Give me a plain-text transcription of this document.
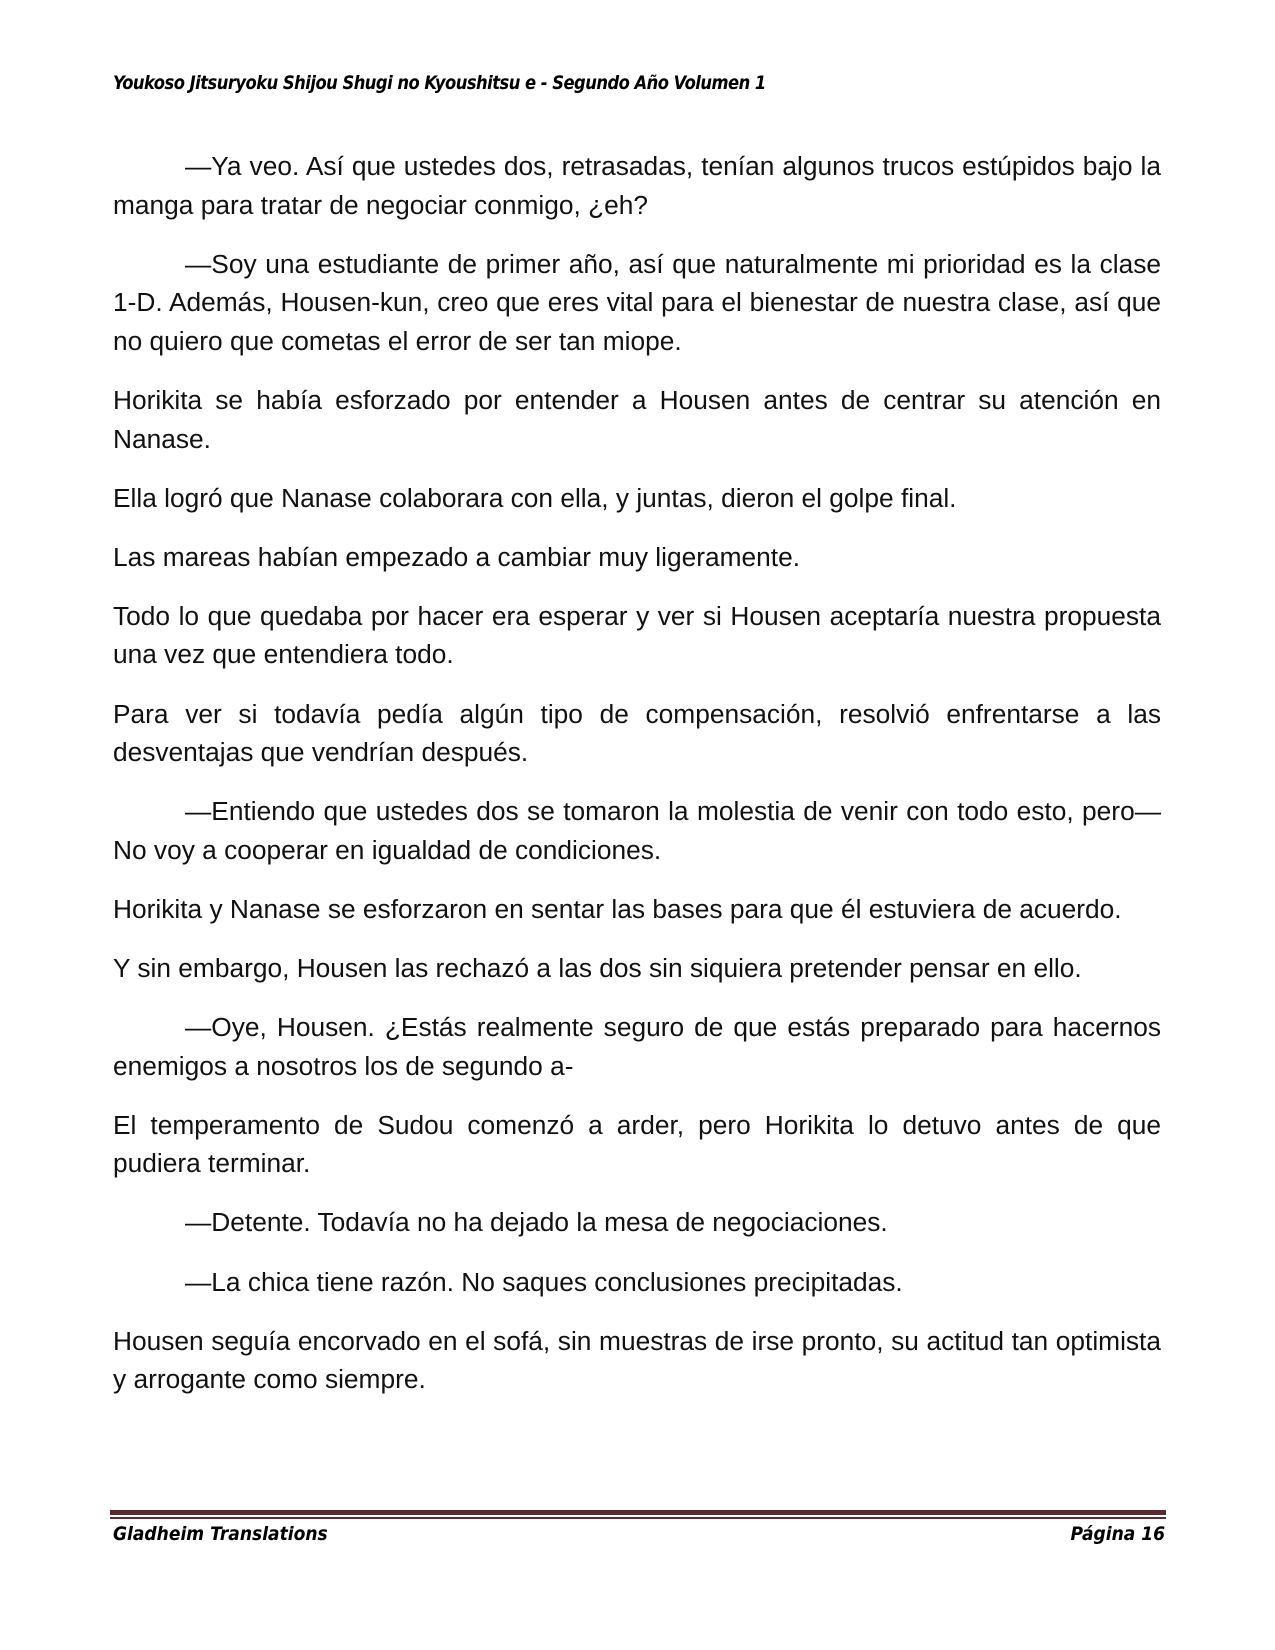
Youkoso Jitsuryoku Shijou Shugi no Kyoushitsu e - Segundo Año Volumen 1

—Ya veo. Así que ustedes dos, retrasadas, tenían algunos trucos estúpidos bajo la manga para tratar de negociar conmigo, ¿eh?

—Soy una estudiante de primer año, así que naturalmente mi prioridad es la clase 1-D. Además, Housen-kun, creo que eres vital para el bienestar de nuestra clase, así que no quiero que cometas el error de ser tan miope.

Horikita se había esforzado por entender a Housen antes de centrar su atención en Nanase.

Ella logró que Nanase colaborara con ella, y juntas, dieron el golpe final.

Las mareas habían empezado a cambiar muy ligeramente.

Todo lo que quedaba por hacer era esperar y ver si Housen aceptaría nuestra propuesta una vez que entendiera todo.

Para ver si todavía pedía algún tipo de compensación, resolvió enfrentarse a las desventajas que vendrían después.

—Entiendo que ustedes dos se tomaron la molestia de venir con todo esto, pero— No voy a cooperar en igualdad de condiciones.

Horikita y Nanase se esforzaron en sentar las bases para que él estuviera de acuerdo.

Y sin embargo, Housen las rechazó a las dos sin siquiera pretender pensar en ello.

—Oye, Housen. ¿Estás realmente seguro de que estás preparado para hacernos enemigos a nosotros los de segundo a-

El temperamento de Sudou comenzó a arder, pero Horikita lo detuvo antes de que pudiera terminar.

—Detente. Todavía no ha dejado la mesa de negociaciones.

—La chica tiene razón. No saques conclusiones precipitadas.

Housen seguía encorvado en el sofá, sin muestras de irse pronto, su actitud tan optimista y arrogante como siempre.

Gladheim Translations	Página 16
